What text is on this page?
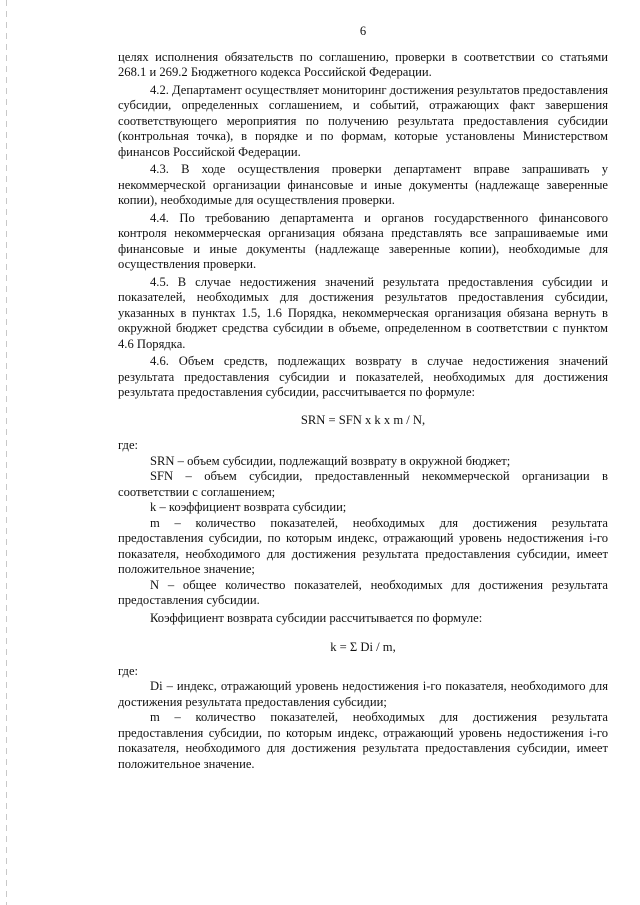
6

целях исполнения обязательств по соглашению, проверки в соответствии со статьями 268.1 и 269.2 Бюджетного кодекса Российской Федерации.

4.2. Департамент осуществляет мониторинг достижения результатов предоставления субсидии, определенных соглашением, и событий, отражающих факт завершения соответствующего мероприятия по получению результата предоставления субсидии (контрольная точка), в порядке и по формам, которые установлены Министерством финансов Российской Федерации.

4.3. В ходе осуществления проверки департамент вправе запрашивать у некоммерческой организации финансовые и иные документы (надлежаще заверенные копии), необходимые для осуществления проверки.

4.4. По требованию департамента и органов государственного финансового контроля некоммерческая организация обязана представлять все запрашиваемые ими финансовые и иные документы (надлежаще заверенные копии), необходимые для осуществления проверки.

4.5. В случае недостижения значений результата предоставления субсидии и показателей, необходимых для достижения результатов предоставления субсидии, указанных в пунктах 1.5, 1.6 Порядка, некоммерческая организация обязана вернуть в окружной бюджет средства субсидии в объеме, определенном в соответствии с пунктом 4.6 Порядка.

4.6. Объем средств, подлежащих возврату в случае недостижения значений результата предоставления субсидии и показателей, необходимых для достижения результата предоставления субсидии, рассчитывается по формуле:

SRN = SFN x k x m / N,

где:

SRN – объем субсидии, подлежащий возврату в окружной бюджет;

SFN – объем субсидии, предоставленный некоммерческой организации в соответствии с соглашением;

k – коэффициент возврата субсидии;

m – количество показателей, необходимых для достижения результата предоставления субсидии, по которым индекс, отражающий уровень недостижения i-го показателя, необходимого для достижения результата предоставления субсидии, имеет положительное значение;

N – общее количество показателей, необходимых для достижения результата предоставления субсидии.

Коэффициент возврата субсидии рассчитывается по формуле:

k = Σ Di / m,

где:

Di – индекс, отражающий уровень недостижения i-го показателя, необходимого для достижения результата предоставления субсидии;

m – количество показателей, необходимых для достижения результата предоставления субсидии, по которым индекс, отражающий уровень недостижения i-го показателя, необходимого для достижения результата предоставления субсидии, имеет положительное значение.
